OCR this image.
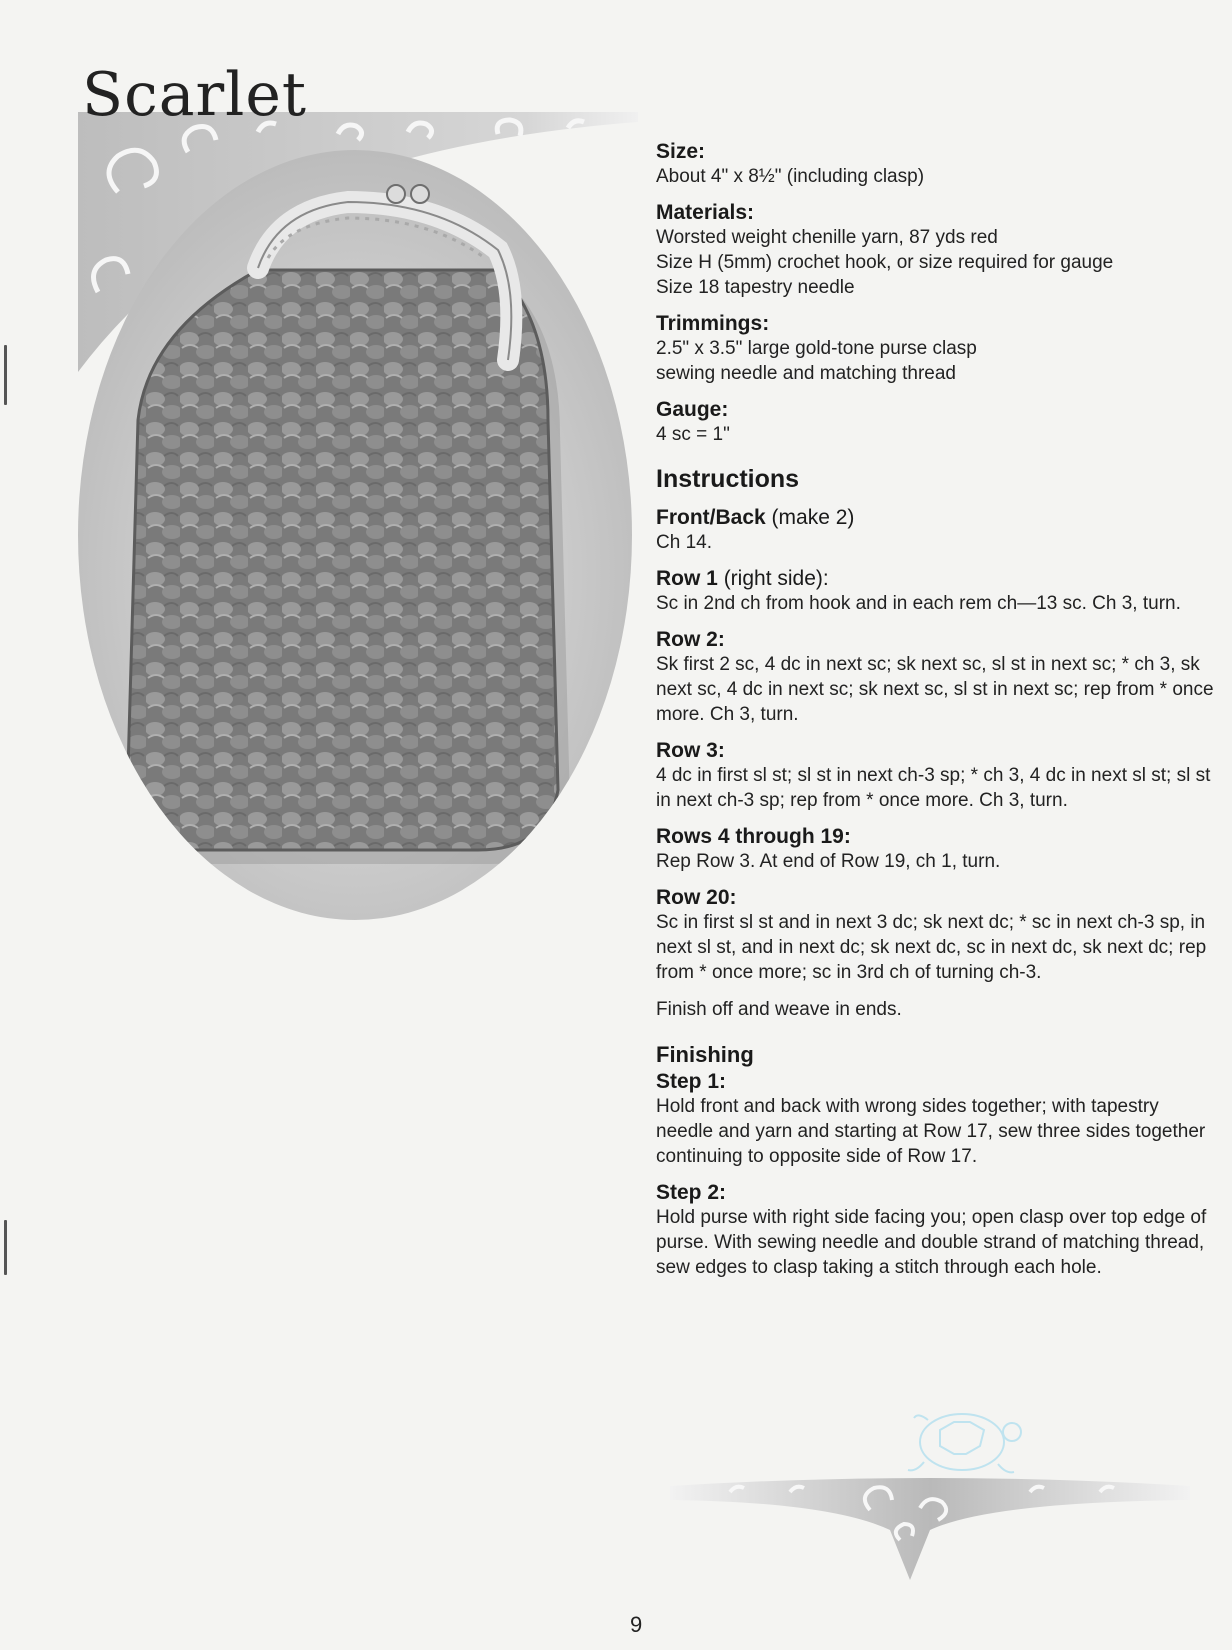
Scarlet

Size:

About 4" x 8½" (including clasp)

Materials:

Worsted weight chenille yarn, 87 yds red

Size H (5mm) crochet hook, or size required for gauge

Size 18 tapestry needle

Trimmings:

2.5" x 3.5" large gold-tone purse clasp

sewing needle and matching thread

Gauge:

4 sc = 1"

Instructions

Front/Back (make 2)

Ch 14.

Row 1 (right side):

Sc in 2nd ch from hook and in each rem ch—13 sc. Ch 3, turn.

Row 2:

Sk first 2 sc, 4 dc in next sc; sk next sc, sl st in next sc; * ch 3, sk next sc, 4 dc in next sc; sk next sc, sl st in next sc; rep from * once more. Ch 3, turn.

Row 3:

4 dc in first sl st; sl st in next ch-3 sp; * ch 3, 4 dc in next sl st; sl st in next ch-3 sp; rep from * once more. Ch 3, turn.

Rows 4 through 19:

Rep Row 3. At end of Row 19, ch 1, turn.

Row 20:

Sc in first sl st and in next 3 dc; sk next dc; * sc in next ch-3 sp, in next sl st, and in next dc; sk next dc, sc in next dc, sk next dc; rep from * once more; sc in 3rd ch of turning ch-3.

Finish off and weave in ends.

Finishing

Step 1:

Hold front and back with wrong sides together; with tapestry needle and yarn and starting at Row 17, sew three sides together continuing to opposite side of Row 17.

Step 2:

Hold purse with right side facing you; open clasp over top edge of purse. With sewing needle and double strand of matching thread, sew edges to clasp taking a stitch through each hole.

9
